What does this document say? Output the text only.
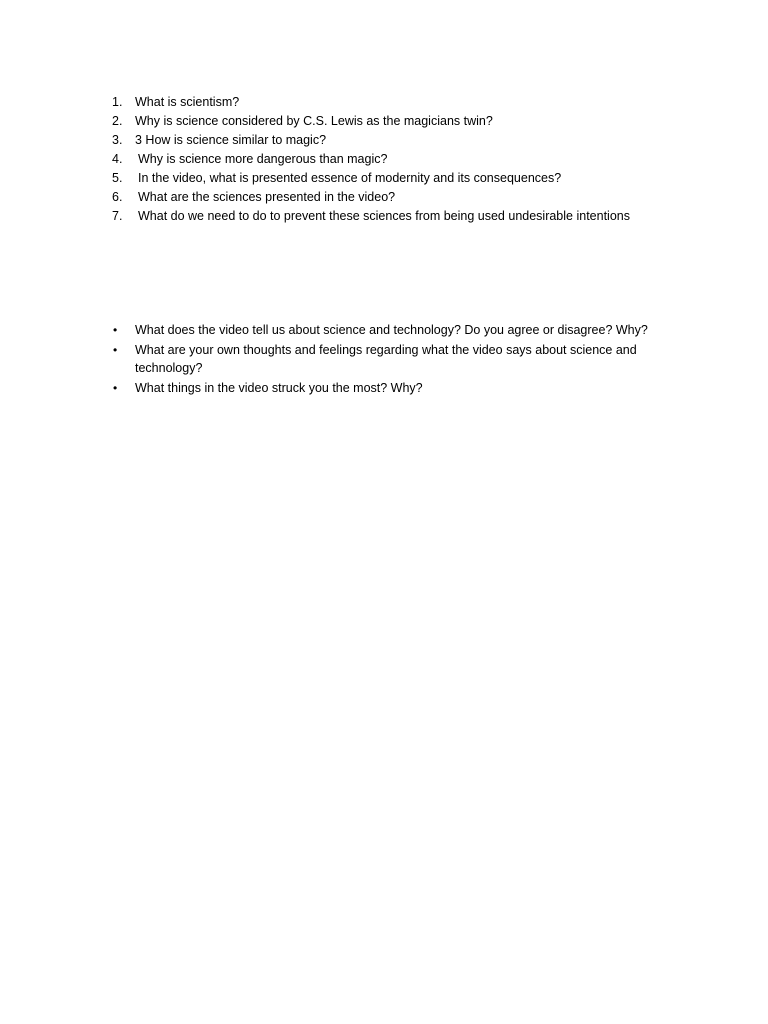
1.	What is scientism?
2.	Why is science considered by C.S. Lewis as the magicians twin?
3.	3 How is science similar to magic?
4.	Why is science more dangerous than magic?
5.	In the video, what is presented essence of modernity and its consequences?
6.	What are the sciences presented in the video?
7.	What do we need to do to prevent these sciences from being used undesirable intentions
• What does the video tell us about science and technology? Do you agree or disagree? Why?
• What are your own thoughts and feelings regarding what the video says about science and technology?
• What things in the video struck you the most? Why?
